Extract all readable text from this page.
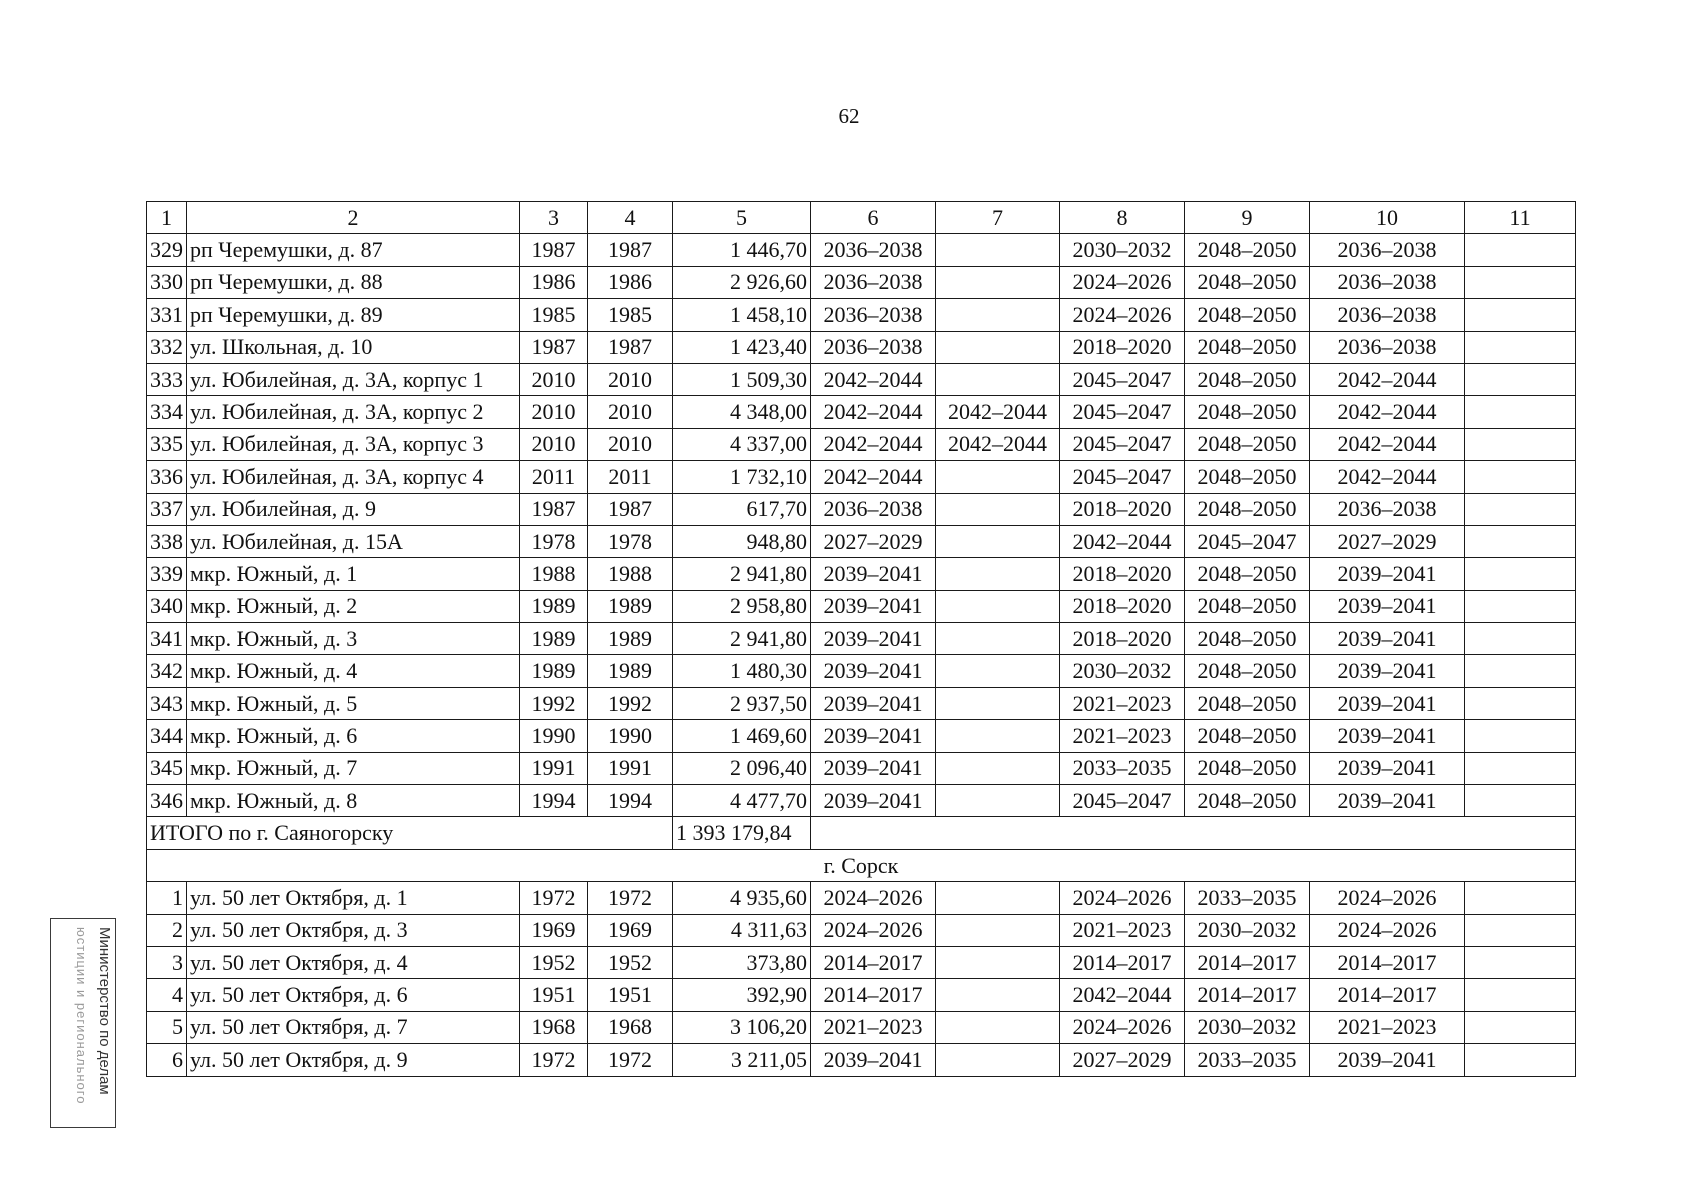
62
1	2	3	4	5	6	7	8	9	10	11
329	рп Черемушки, д. 87	1987	1987	1 446,70	2036–2038		2030–2032	2048–2050	2036–2038	
330	рп Черемушки, д. 88	1986	1986	2 926,60	2036–2038		2024–2026	2048–2050	2036–2038	
331	рп Черемушки, д. 89	1985	1985	1 458,10	2036–2038		2024–2026	2048–2050	2036–2038	
332	ул. Школьная, д. 10	1987	1987	1 423,40	2036–2038		2018–2020	2048–2050	2036–2038	
333	ул. Юбилейная, д. 3А, корпус 1	2010	2010	1 509,30	2042–2044		2045–2047	2048–2050	2042–2044	
334	ул. Юбилейная, д. 3А, корпус 2	2010	2010	4 348,00	2042–2044	2042–2044	2045–2047	2048–2050	2042–2044	
335	ул. Юбилейная, д. 3А, корпус 3	2010	2010	4 337,00	2042–2044	2042–2044	2045–2047	2048–2050	2042–2044	
336	ул. Юбилейная, д. 3А, корпус 4	2011	2011	1 732,10	2042–2044		2045–2047	2048–2050	2042–2044	
337	ул. Юбилейная, д. 9	1987	1987	617,70	2036–2038		2018–2020	2048–2050	2036–2038	
338	ул. Юбилейная, д. 15А	1978	1978	948,80	2027–2029		2042–2044	2045–2047	2027–2029	
339	мкр. Южный, д. 1	1988	1988	2 941,80	2039–2041		2018–2020	2048–2050	2039–2041	
340	мкр. Южный, д. 2	1989	1989	2 958,80	2039–2041		2018–2020	2048–2050	2039–2041	
341	мкр. Южный, д. 3	1989	1989	2 941,80	2039–2041		2018–2020	2048–2050	2039–2041	
342	мкр. Южный, д. 4	1989	1989	1 480,30	2039–2041		2030–2032	2048–2050	2039–2041	
343	мкр. Южный, д. 5	1992	1992	2 937,50	2039–2041		2021–2023	2048–2050	2039–2041	
344	мкр. Южный, д. 6	1990	1990	1 469,60	2039–2041		2021–2023	2048–2050	2039–2041	
345	мкр. Южный, д. 7	1991	1991	2 096,40	2039–2041		2033–2035	2048–2050	2039–2041	
346	мкр. Южный, д. 8	1994	1994	4 477,70	2039–2041		2045–2047	2048–2050	2039–2041	
ИТОГО по г. Саяногорску				1 393 179,84						
г. Сорск										
1	ул. 50 лет Октября, д. 1	1972	1972	4 935,60	2024–2026		2024–2026	2033–2035	2024–2026	
2	ул. 50 лет Октября, д. 3	1969	1969	4 311,63	2024–2026		2021–2023	2030–2032	2024–2026	
3	ул. 50 лет Октября, д. 4	1952	1952	373,80	2014–2017		2014–2017	2014–2017	2014–2017	
4	ул. 50 лет Октября, д. 6	1951	1951	392,90	2014–2017		2042–2044	2014–2017	2014–2017	
5	ул. 50 лет Октября, д. 7	1968	1968	3 106,20	2021–2023		2024–2026	2030–2032	2021–2023	
6	ул. 50 лет Октября, д. 9	1972	1972	3 211,05	2039–2041		2027–2029	2033–2035	2039–2041	
Министерство по делам
юстиции и регионального
